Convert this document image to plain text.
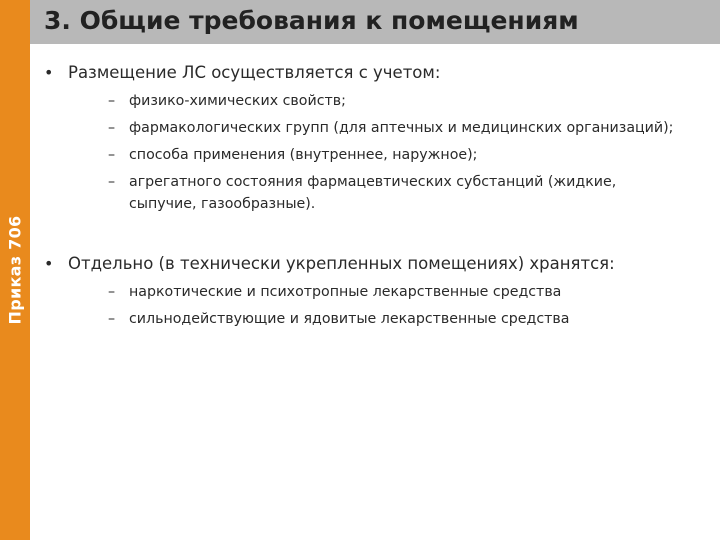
Приказ 706
3. Общие требования к помещениям
• Размещение ЛС осуществляется с учетом:
– физико-химических свойств;
– фармакологических групп (для аптечных и медицинских организаций);
– способа применения (внутреннее, наружное);
– агрегатного состояния фармацевтических субстанций (жидкие, сыпучие, газообразные).
• Отдельно (в технически укрепленных помещениях) хранятся:
– наркотические и психотропные лекарственные средства
– сильнодействующие и ядовитые лекарственные средства
